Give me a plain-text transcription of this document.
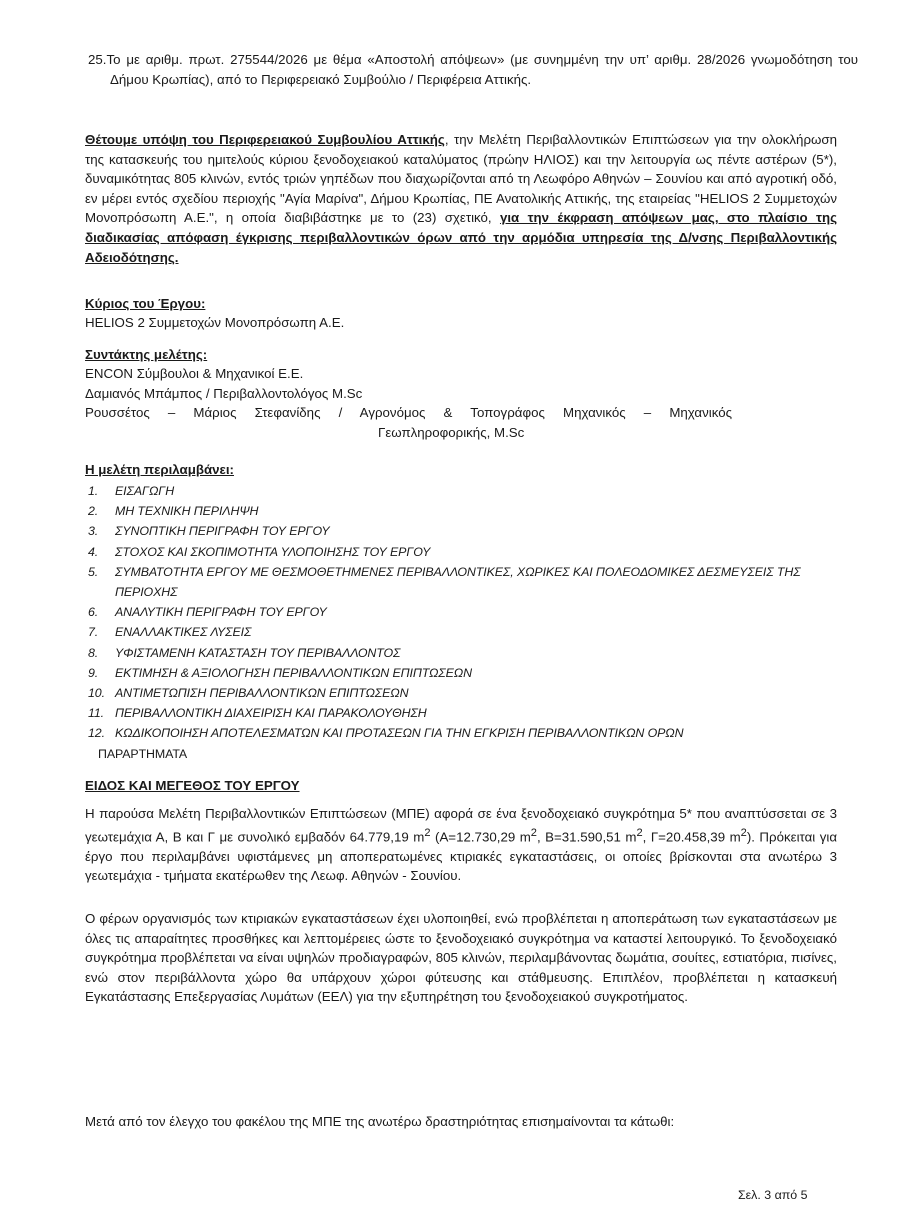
25.Το με αριθμ. πρωτ. 275544/2026 με θέμα «Αποστολή απόψεων» (με συνημμένη την υπ’ αριθμ. 28/2026 γνωμοδότηση του Δήμου Κρωπίας), από το Περιφερειακό Συμβούλιο / Περιφέρεια Αττικής.
Θέτουμε υπόψη του Περιφερειακού Συμβουλίου Αττικής, την Μελέτη Περιβαλλοντικών Επιπτώσεων για την ολοκλήρωση της κατασκευής του ημιτελούς κύριου ξενοδοχειακού καταλύματος (πρώην ΗΛΙΟΣ) και την λειτουργία ως πέντε αστέρων (5*), δυναμικότητας 805 κλινών, εντός τριών γηπέδων που διαχωρίζονται από τη Λεωφόρο Αθηνών – Σουνίου και από αγροτική οδό, εν μέρει εντός σχεδίου περιοχής "Αγία Μαρίνα", Δήμου Κρωπίας, ΠΕ Ανατολικής Αττικής, της εταιρείας "HELIOS 2 Συμμετοχών Μονοπρόσωπη Α.Ε.", η οποία διαβιβάστηκε με το (23) σχετικό, για την έκφραση απόψεων μας, στο πλαίσιο της διαδικασίας απόφαση έγκρισης περιβαλλοντικών όρων από την αρμόδια υπηρεσία της Δ/νσης Περιβαλλοντικής Αδειοδότησης.
Κύριος του Έργου:
HELIOS 2 Συμμετοχών Μονοπρόσωπη Α.Ε.
Συντάκτης μελέτης:
ENCON Σύμβουλοι & Μηχανικοί Ε.Ε.
Δαμιανός Μπάμπος / Περιβαλλοντολόγος M.Sc
Ρουσσέτος – Μάριος Στεφανίδης / Αγρονόμος & Τοπογράφος Μηχανικός – Μηχανικός
Γεωπληροφορικής, M.Sc
Η μελέτη περιλαμβάνει:
1.	ΕΙΣΑΓΩΓΗ
2.	ΜΗ ΤΕΧΝΙΚΗ ΠΕΡΙΛΗΨΗ
3.	ΣΥΝΟΠΤΙΚΗ ΠΕΡΙΓΡΑΦΗ ΤΟΥ ΕΡΓΟΥ
4.	ΣΤΟΧΟΣ ΚΑΙ ΣΚΟΠΙΜΟΤΗΤΑ ΥΛΟΠΟΙΗΣΗΣ ΤΟΥ ΕΡΓΟΥ
5.	ΣΥΜΒΑΤΟΤΗΤΑ ΕΡΓΟΥ ΜΕ ΘΕΣΜΟΘΕΤΗΜΕΝΕΣ ΠΕΡΙΒΑΛΛΟΝΤΙΚΕΣ, ΧΩΡΙΚΕΣ ΚΑΙ ΠΟΛΕΟΔΟΜΙΚΕΣ ΔΕΣΜΕΥΣΕΙΣ ΤΗΣ ΠΕΡΙΟΧΗΣ
6.	ΑΝΑΛΥΤΙΚΗ ΠΕΡΙΓΡΑΦΗ ΤΟΥ ΕΡΓΟΥ
7.	ΕΝΑΛΛΑΚΤΙΚΕΣ ΛΥΣΕΙΣ
8.	ΥΦΙΣΤΑΜΕΝΗ ΚΑΤΑΣΤΑΣΗ ΤΟΥ ΠΕΡΙΒΑΛΛΟΝΤΟΣ
9.	ΕΚΤΙΜΗΣΗ & ΑΞΙΟΛΟΓΗΣΗ ΠΕΡΙΒΑΛΛΟΝΤΙΚΩΝ ΕΠΙΠΤΩΣΕΩΝ
10. ΑΝΤΙΜΕΤΩΠΙΣΗ ΠΕΡΙΒΑΛΛΟΝΤΙΚΩΝ ΕΠΙΠΤΩΣΕΩΝ
11. ΠΕΡΙΒΑΛΛΟΝΤΙΚΗ ΔΙΑΧΕΙΡΙΣΗ ΚΑΙ ΠΑΡΑΚΟΛΟΥΘΗΣΗ
12. ΚΩΔΙΚΟΠΟΙΗΣΗ ΑΠΟΤΕΛΕΣΜΑΤΩΝ ΚΑΙ ΠΡΟΤΑΣΕΩΝ ΓΙΑ ΤΗΝ ΕΓΚΡΙΣΗ ΠΕΡΙΒΑΛΛΟΝΤΙΚΩΝ ΟΡΩΝ
ΠΑΡΑΡΤΗΜΑΤΑ
ΕΙΔΟΣ ΚΑΙ ΜΕΓΕΘΟΣ ΤΟΥ ΕΡΓΟΥ
Η παρούσα Μελέτη Περιβαλλοντικών Επιπτώσεων (ΜΠΕ) αφορά σε ένα ξενοδοχειακό συγκρότημα 5* που αναπτύσσεται σε 3 γεωτεμάχια Α, Β και Γ με συνολικό εμβαδόν 64.779,19 $m^2$ (Α=12.730,29 $m^2$, Β=31.590,51 $m^2$, Γ=20.458,39 $m^2$). Πρόκειται για έργο που περιλαμβάνει υφιστάμενες μη αποπερατωμένες κτιριακές εγκαταστάσεις, οι οποίες βρίσκονται στα ανωτέρω 3 γεωτεμάχια - τμήματα εκατέρωθεν της Λεωφ. Αθηνών - Σουνίου.
Ο φέρων οργανισμός των κτιριακών εγκαταστάσεων έχει υλοποιηθεί, ενώ προβλέπεται η αποπεράτωση των εγκαταστάσεων με όλες τις απαραίτητες προσθήκες και λεπτομέρειες ώστε το ξενοδοχειακό συγκρότημα να καταστεί λειτουργικό. Το ξενοδοχειακό συγκρότημα προβλέπεται να είναι υψηλών προδιαγραφών, 805 κλινών, περιλαμβάνοντας δωμάτια, σουίτες, εστιατόρια, πισίνες, ενώ στον περιβάλλοντα χώρο θα υπάρχουν χώροι φύτευσης και στάθμευσης. Επιπλέον, προβλέπεται η κατασκευή Εγκατάστασης Επεξεργασίας Λυμάτων (ΕΕΛ) για την εξυπηρέτηση του ξενοδοχειακού συγκροτήματος.
Μετά από τον έλεγχο του φακέλου της ΜΠΕ της ανωτέρω δραστηριότητας επισημαίνονται τα κάτωθι:
Σελ. 3 από 5
